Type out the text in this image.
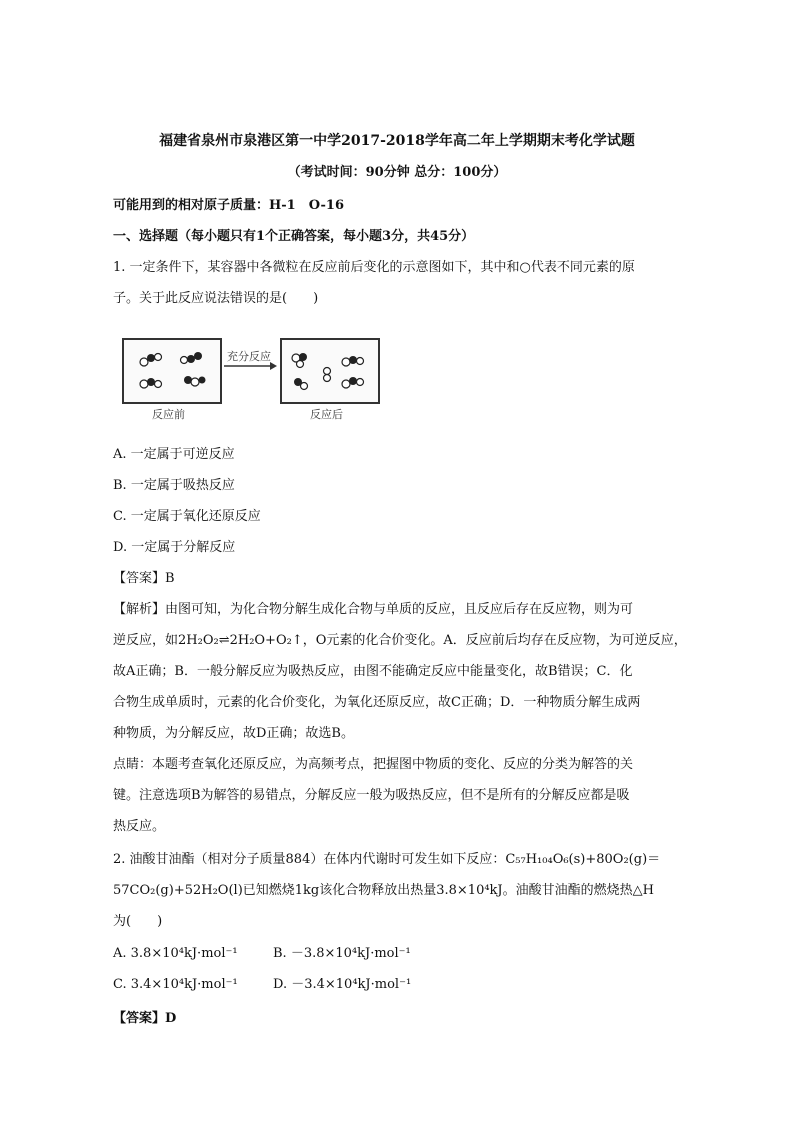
福建省泉州市泉港区第一中学2017-2018学年高二年上学期期末考化学试题
（考试时间：90分钟 总分：100分）
可能用到的相对原子质量：H-1　O-16
一、选择题（每小题只有1个正确答案，每小题3分，共45分）
1. 一定条件下，某容器中各微粒在反应前后变化的示意图如下，其中和○代表不同元素的原
子。关于此反应说法错误的是(　　)
充分反应
反应前	反应后
A. 一定属于可逆反应
B. 一定属于吸热反应
C. 一定属于氧化还原反应
D. 一定属于分解反应
【答案】B
【解析】由图可知，为化合物分解生成化合物与单质的反应，且反应后存在反应物，则为可
逆反应，如2H₂O₂⇌2H₂O+O₂↑，O元素的化合价变化。A．反应前后均存在反应物，为可逆反应，
故A正确；B．一般分解反应为吸热反应，由图不能确定反应中能量变化，故B错误；C．化
合物生成单质时，元素的化合价变化，为氧化还原反应，故C正确；D．一种物质分解生成两
种物质，为分解反应，故D正确；故选B。
点睛：本题考查氧化还原反应，为高频考点，把握图中物质的变化、反应的分类为解答的关
键。注意选项B为解答的易错点，分解反应一般为吸热反应，但不是所有的分解反应都是吸
热反应。
2. 油酸甘油酯（相对分子质量884）在体内代谢时可发生如下反应：C₅₇H₁₀₄O₆(s)+80O₂(g)＝
57CO₂(g)+52H₂O(l)已知燃烧1kg该化合物释放出热量3.8×10⁴kJ。油酸甘油酯的燃烧热△H
为(　　)
A. 3.8×10⁴kJ·mol⁻¹	B. －3.8×10⁴kJ·mol⁻¹
C. 3.4×10⁴kJ·mol⁻¹	D. －3.4×10⁴kJ·mol⁻¹
【答案】D
